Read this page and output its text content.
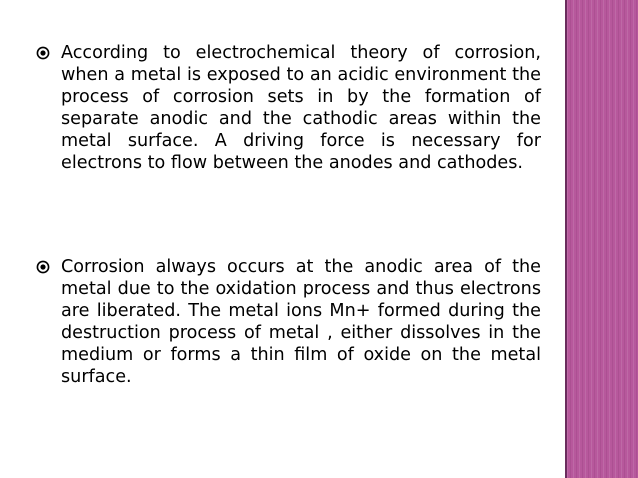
According to electrochemical theory of corrosion, when a metal is exposed to an acidic environment the process of corrosion sets in by the formation of separate anodic and the cathodic areas within the metal surface. A driving force is necessary for electrons to flow between the anodes and cathodes.

Corrosion always occurs at the anodic area of the metal due to the oxidation process and thus electrons are liberated. The metal ions Mn+ formed during the destruction process of metal , either dissolves in the medium or forms a thin film of oxide on the metal surface.
